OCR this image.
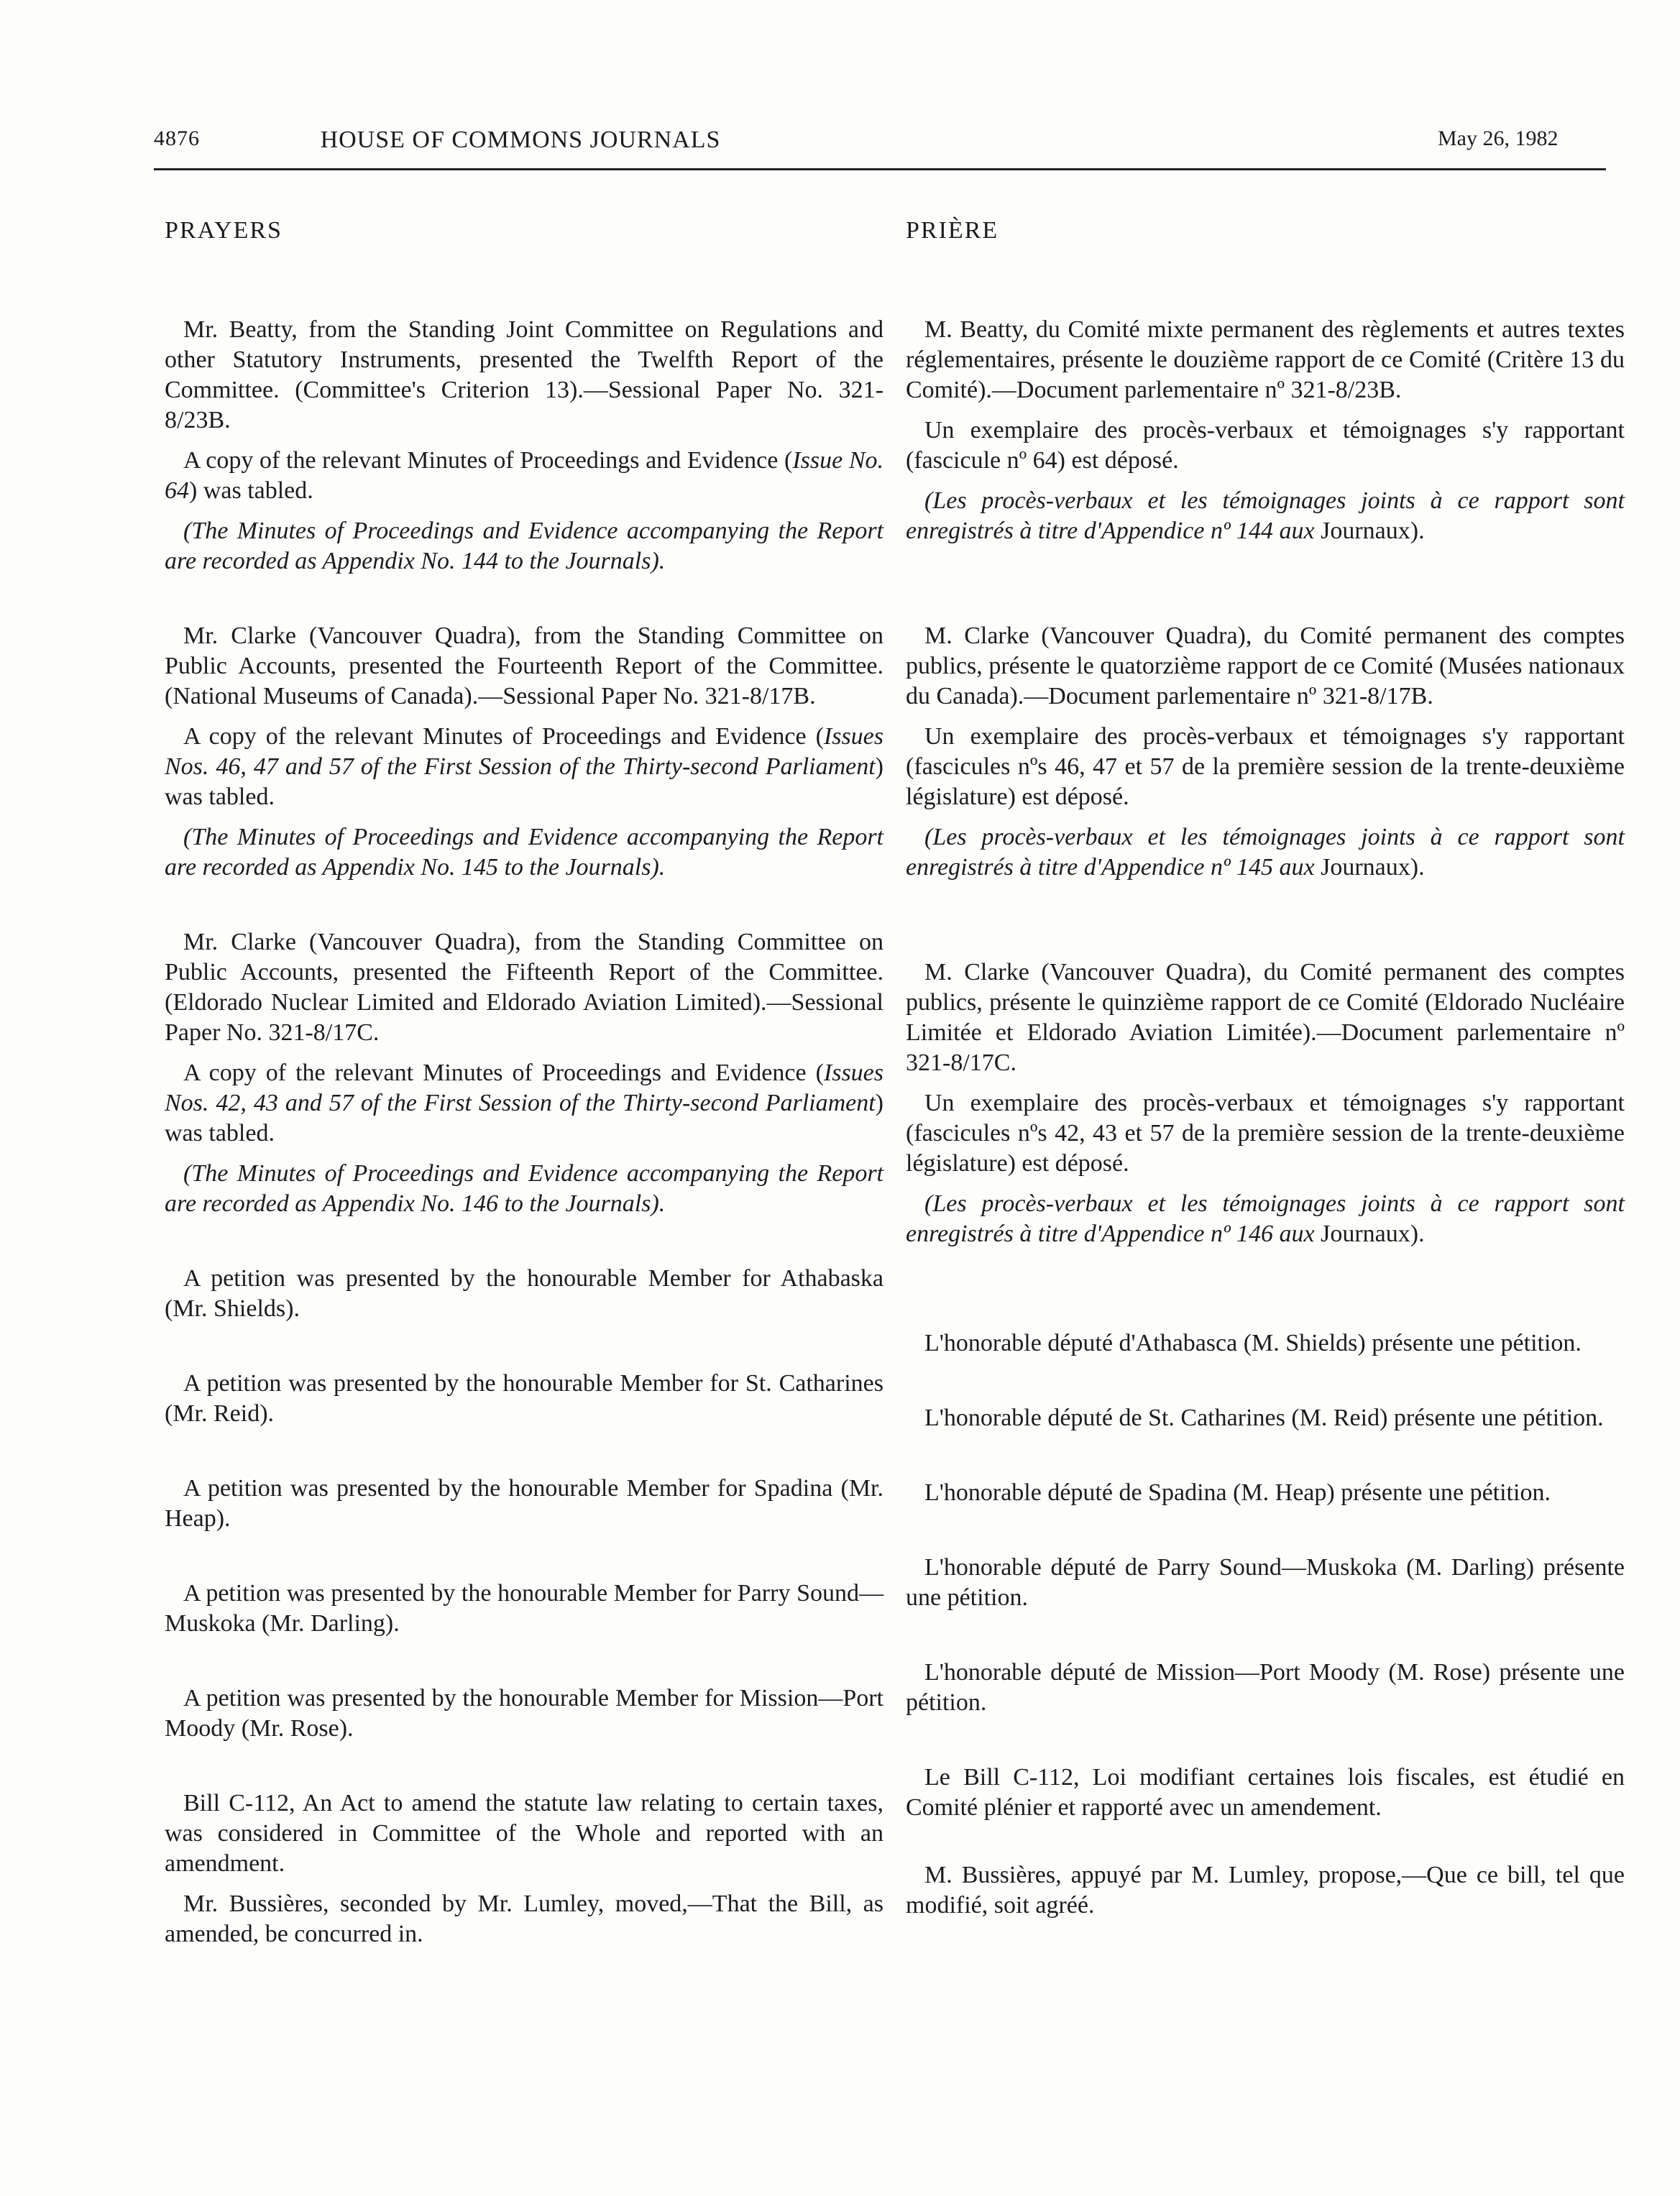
4876	HOUSE OF COMMONS JOURNALS	May 26, 1982
PRAYERS

Mr. Beatty, from the Standing Joint Committee on Regulations and other Statutory Instruments, presented the Twelfth Report of the Committee. (Committee's Criterion 13).—Sessional Paper No. 321-8/23B.

A copy of the relevant Minutes of Proceedings and Evidence (Issue No. 64) was tabled.

(The Minutes of Proceedings and Evidence accompanying the Report are recorded as Appendix No. 144 to the Journals).

Mr. Clarke (Vancouver Quadra), from the Standing Committee on Public Accounts, presented the Fourteenth Report of the Committee. (National Museums of Canada).—Sessional Paper No. 321-8/17B.

A copy of the relevant Minutes of Proceedings and Evidence (Issues Nos. 46, 47 and 57 of the First Session of the Thirty-second Parliament) was tabled.

(The Minutes of Proceedings and Evidence accompanying the Report are recorded as Appendix No. 145 to the Journals).

Mr. Clarke (Vancouver Quadra), from the Standing Committee on Public Accounts, presented the Fifteenth Report of the Committee. (Eldorado Nuclear Limited and Eldorado Aviation Limited).—Sessional Paper No. 321-8/17C.

A copy of the relevant Minutes of Proceedings and Evidence (Issues Nos. 42, 43 and 57 of the First Session of the Thirty-second Parliament) was tabled.

(The Minutes of Proceedings and Evidence accompanying the Report are recorded as Appendix No. 146 to the Journals).

A petition was presented by the honourable Member for Athabaska (Mr. Shields).

A petition was presented by the honourable Member for St. Catharines (Mr. Reid).

A petition was presented by the honourable Member for Spadina (Mr. Heap).

A petition was presented by the honourable Member for Parry Sound—Muskoka (Mr. Darling).

A petition was presented by the honourable Member for Mission—Port Moody (Mr. Rose).

Bill C-112, An Act to amend the statute law relating to certain taxes, was considered in Committee of the Whole and reported with an amendment.

Mr. Bussières, seconded by Mr. Lumley, moved,—That the Bill, as amended, be concurred in.

PRIÈRE

M. Beatty, du Comité mixte permanent des règlements et autres textes réglementaires, présente le douzième rapport de ce Comité (Critère 13 du Comité).—Document parlementaire nº 321-8/23B.

Un exemplaire des procès-verbaux et témoignages s'y rapportant (fascicule nº 64) est déposé.

(Les procès-verbaux et les témoignages joints à ce rapport sont enregistrés à titre d'Appendice nº 144 aux Journaux).

M. Clarke (Vancouver Quadra), du Comité permanent des comptes publics, présente le quatorzième rapport de ce Comité (Musées nationaux du Canada).—Document parlementaire nº 321-8/17B.

Un exemplaire des procès-verbaux et témoignages s'y rapportant (fascicules nºs 46, 47 et 57 de la première session de la trente-deuxième législature) est déposé.

(Les procès-verbaux et les témoignages joints à ce rapport sont enregistrés à titre d'Appendice nº 145 aux Journaux).

M. Clarke (Vancouver Quadra), du Comité permanent des comptes publics, présente le quinzième rapport de ce Comité (Eldorado Nucléaire Limitée et Eldorado Aviation Limitée).—Document parlementaire nº 321-8/17C.

Un exemplaire des procès-verbaux et témoignages s'y rapportant (fascicules nºs 42, 43 et 57 de la première session de la trente-deuxième législature) est déposé.

(Les procès-verbaux et les témoignages joints à ce rapport sont enregistrés à titre d'Appendice nº 146 aux Journaux).

L'honorable député d'Athabasca (M. Shields) présente une pétition.

L'honorable député de St. Catharines (M. Reid) présente une pétition.

L'honorable député de Spadina (M. Heap) présente une pétition.

L'honorable député de Parry Sound—Muskoka (M. Darling) présente une pétition.

L'honorable député de Mission—Port Moody (M. Rose) présente une pétition.

Le Bill C-112, Loi modifiant certaines lois fiscales, est étudié en Comité plénier et rapporté avec un amendement.

M. Bussières, appuyé par M. Lumley, propose,—Que ce bill, tel que modifié, soit agréé.
